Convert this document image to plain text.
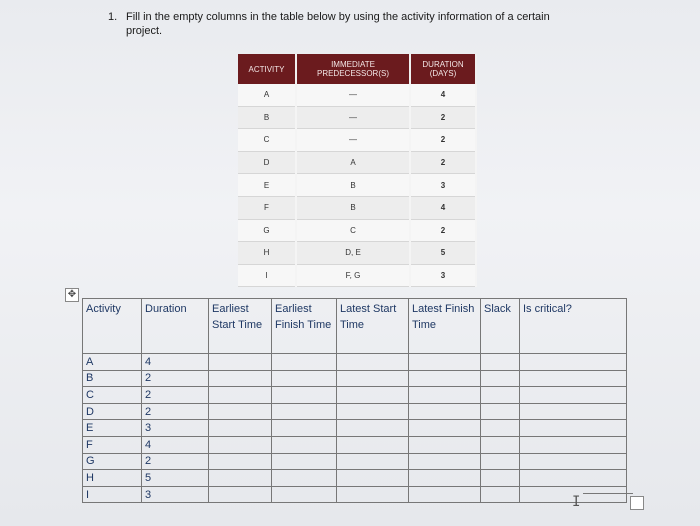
1. Fill in the empty columns in the table below by using the activity information of a certain
project.
ACTIVITY	IMMEDIATE PREDECESSOR(S)	DURATION (DAYS)
A	—	4
B	—	2
C	—	2
D	A	2
E	B	3
F	B	4
G	C	2
H	D, E	5
I	F, G	3
✥
Activity	Duration	Earliest Start Time	Earliest Finish Time	Latest Start Time	Latest Finish Time	Slack	Is critical?
A	4						
B	2						
C	2						
D	2						
E	3						
F	4						
G	2						
H	5						
I	3							I
